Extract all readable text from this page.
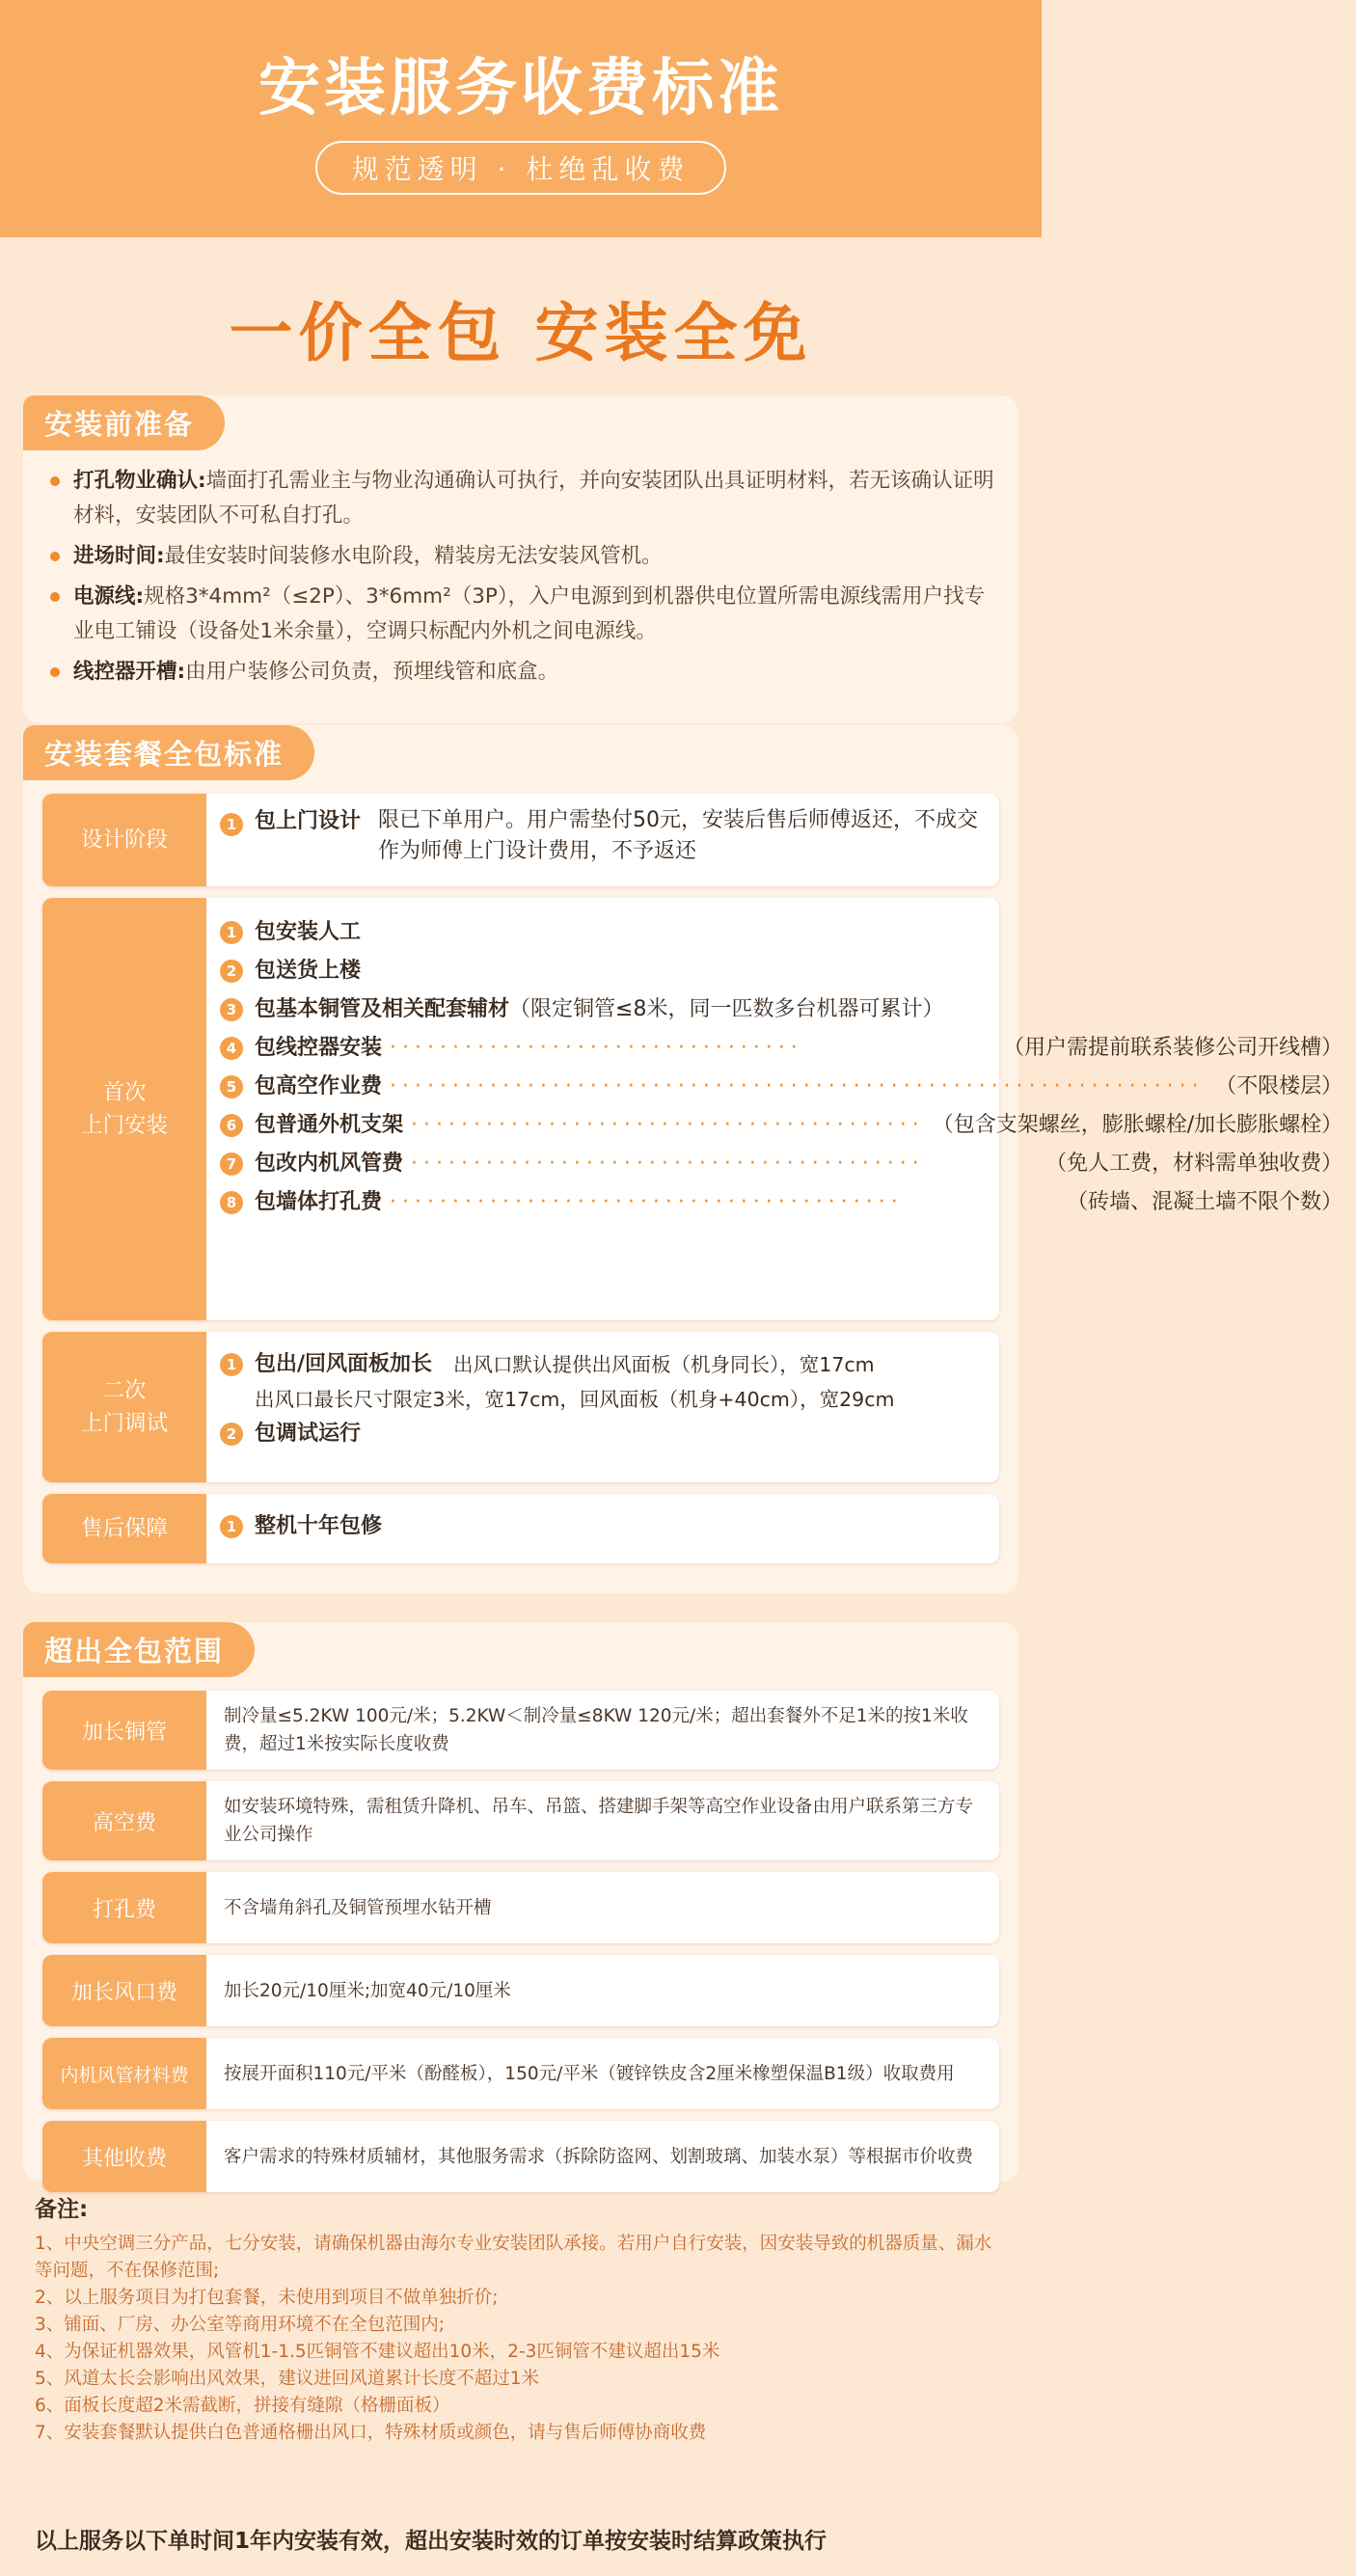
安装服务收费标准
规范透明 · 杜绝乱收费
一价全包 安装全免
安装前准备
打孔物业确认:墙面打孔需业主与物业沟通确认可执行，并向安装团队出具证明材料，若无该确认证明材料，安装团队不可私自打孔。
进场时间:最佳安装时间装修水电阶段，精装房无法安装风管机。
电源线:规格3*4mm²（≤2P）、3*6mm²（3P），入户电源到到机器供电位置所需电源线需用户找专业电工铺设（设备处1米余量），空调只标配内外机之间电源线。
线控器开槽:由用户装修公司负责，预埋线管和底盒。
安装套餐全包标准
设计阶段
1 包上门设计 限已下单用户。用户需垫付50元，安装后售后师傅返还，不成交作为师傅上门设计费用，不予返还
首次
上门安装
1 包安装人工
2 包送货上楼
3 包基本铜管及相关配套辅材 （限定铜管≤8米，同一匹数多台机器可累计）
4 包线控器安装 ·································	（用户需提前联系装修公司开线槽）
5 包高空作业费 ································································· （不限楼层）
6 包普通外机支架 ········································· （包含支架螺丝，膨胀螺栓/加长膨胀螺栓）
7 包改内机风管费 ·········································	（免人工费，材料需单独收费）
8 包墙体打孔费 ·········································	（砖墙、混凝土墙不限个数）
二次
上门调试
1 包出/回风面板加长	出风口默认提供出风面板（机身同长），宽17cm
出风口最长尺寸限定3米，宽17cm，回风面板（机身+40cm），宽29cm
2 包调试运行
售后保障	1 整机十年包修
超出全包范围
加长铜管
制冷量≤5.2KW 100元/米；5.2KW＜制冷量≤8KW 120元/米；超出套餐外不足1米的按1米收费，超过1米按实际长度收费
高空费
如安装环境特殊，需租赁升降机、吊车、吊篮、搭建脚手架等高空作业设备由用户联系第三方专业公司操作
打孔费	不含墙角斜孔及铜管预埋水钻开槽
加长风口费	加长20元/10厘米;加宽40元/10厘米
内机风管材料费	按展开面积110元/平米（酚醛板），150元/平米（镀锌铁皮含2厘米橡塑保温B1级）收取费用
其他收费	客户需求的特殊材质辅材，其他服务需求（拆除防盗网、划割玻璃、加装水泵）等根据市价收费
备注:
1、中央空调三分产品，七分安装，请确保机器由海尔专业安装团队承接。若用户自行安装，因安装导致的机器质量、漏水等问题，不在保修范围;
2、以上服务项目为打包套餐，未使用到项目不做单独折价;
3、铺面、厂房、办公室等商用环境不在全包范围内;
4、为保证机器效果，风管机1-1.5匹铜管不建议超出10米，2-3匹铜管不建议超出15米
5、风道太长会影响出风效果，建议进回风道累计长度不超过1米
6、面板长度超2米需截断，拼接有缝隙（格栅面板）
7、安装套餐默认提供白色普通格栅出风口，特殊材质或颜色，请与售后师傅协商收费
以上服务以下单时间1年内安装有效，超出安装时效的订单按安装时结算政策执行
